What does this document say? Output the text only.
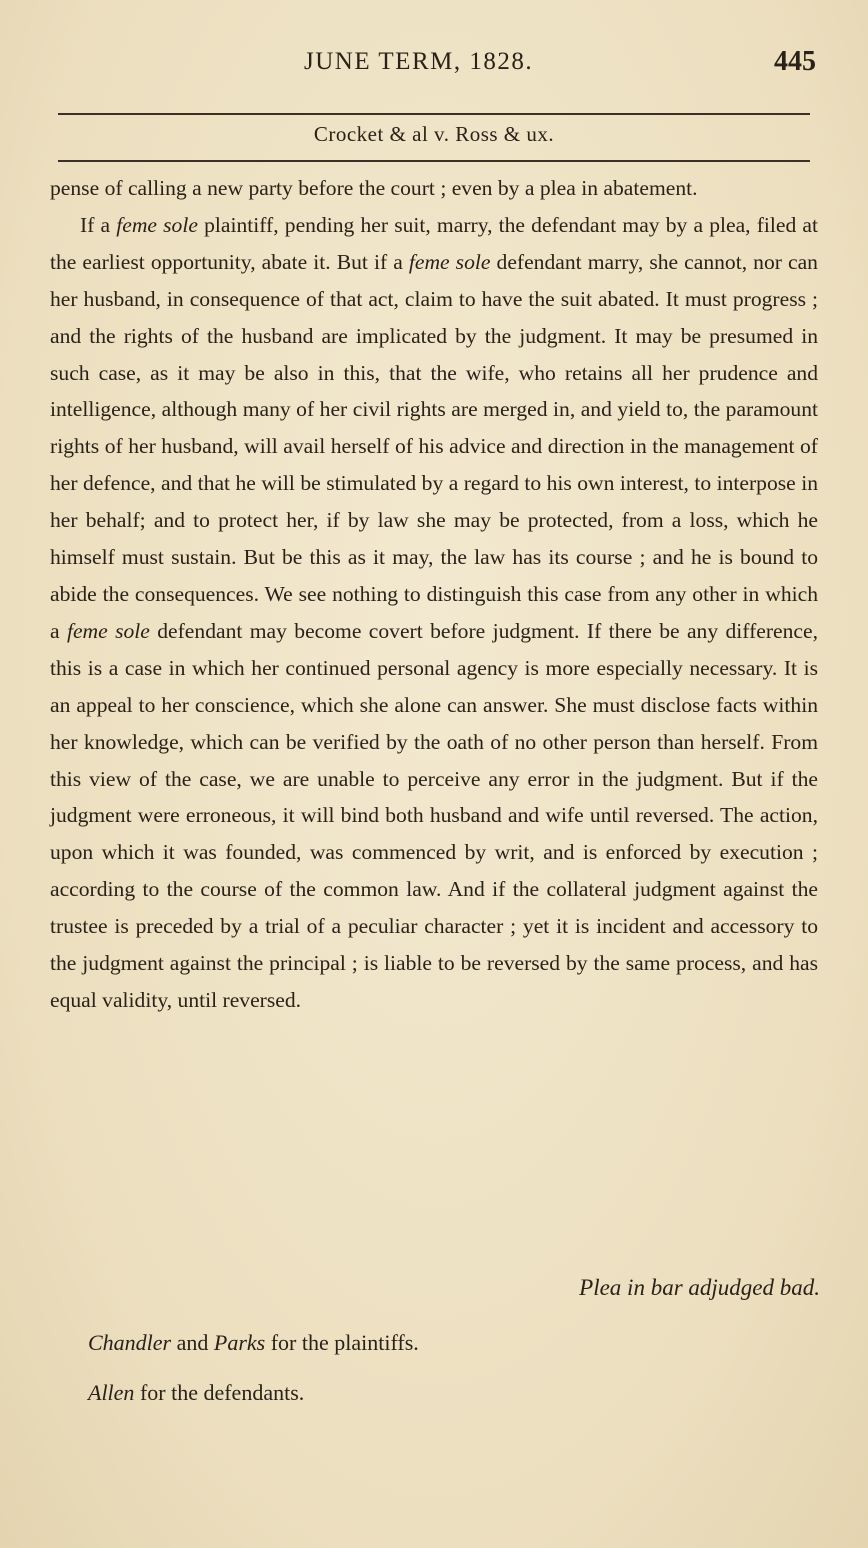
JUNE TERM, 1828.	445
Crocket & al v. Ross & ux.

pense of calling a new party before the court ; even by a plea in abatement.

If a feme sole plaintiff, pending her suit, marry, the defendant may by a plea, filed at the earliest opportunity, abate it. But if a feme sole defendant marry, she cannot, nor can her husband, in consequence of that act, claim to have the suit abated. It must progress ; and the rights of the husband are implicated by the judgment. It may be presumed in such case, as it may be also in this, that the wife, who retains all her prudence and intelligence, although many of her civil rights are merged in, and yield to, the paramount rights of her husband, will avail herself of his advice and direction in the management of her defence, and that he will be stimulated by a regard to his own interest, to interpose in her behalf; and to protect her, if by law she may be protected, from a loss, which he himself must sustain. But be this as it may, the law has its course ; and he is bound to abide the consequences. We see nothing to distinguish this case from any other in which a feme sole defendant may become covert before judgment. If there be any difference, this is a case in which her continued personal agency is more especially necessary. It is an appeal to her conscience, which she alone can answer. She must disclose facts within her knowledge, which can be verified by the oath of no other person than herself. From this view of the case, we are unable to perceive any error in the judgment. But if the judgment were erroneous, it will bind both husband and wife until reversed. The action, upon which it was founded, was commenced by writ, and is enforced by execution ; according to the course of the common law. And if the collateral judgment against the trustee is preceded by a trial of a peculiar character ; yet it is incident and accessory to the judgment against the principal ; is liable to be reversed by the same process, and has equal validity, until reversed.

Plea in bar adjudged bad.
Chandler and Parks for the plaintiffs.
Allen for the defendants.
